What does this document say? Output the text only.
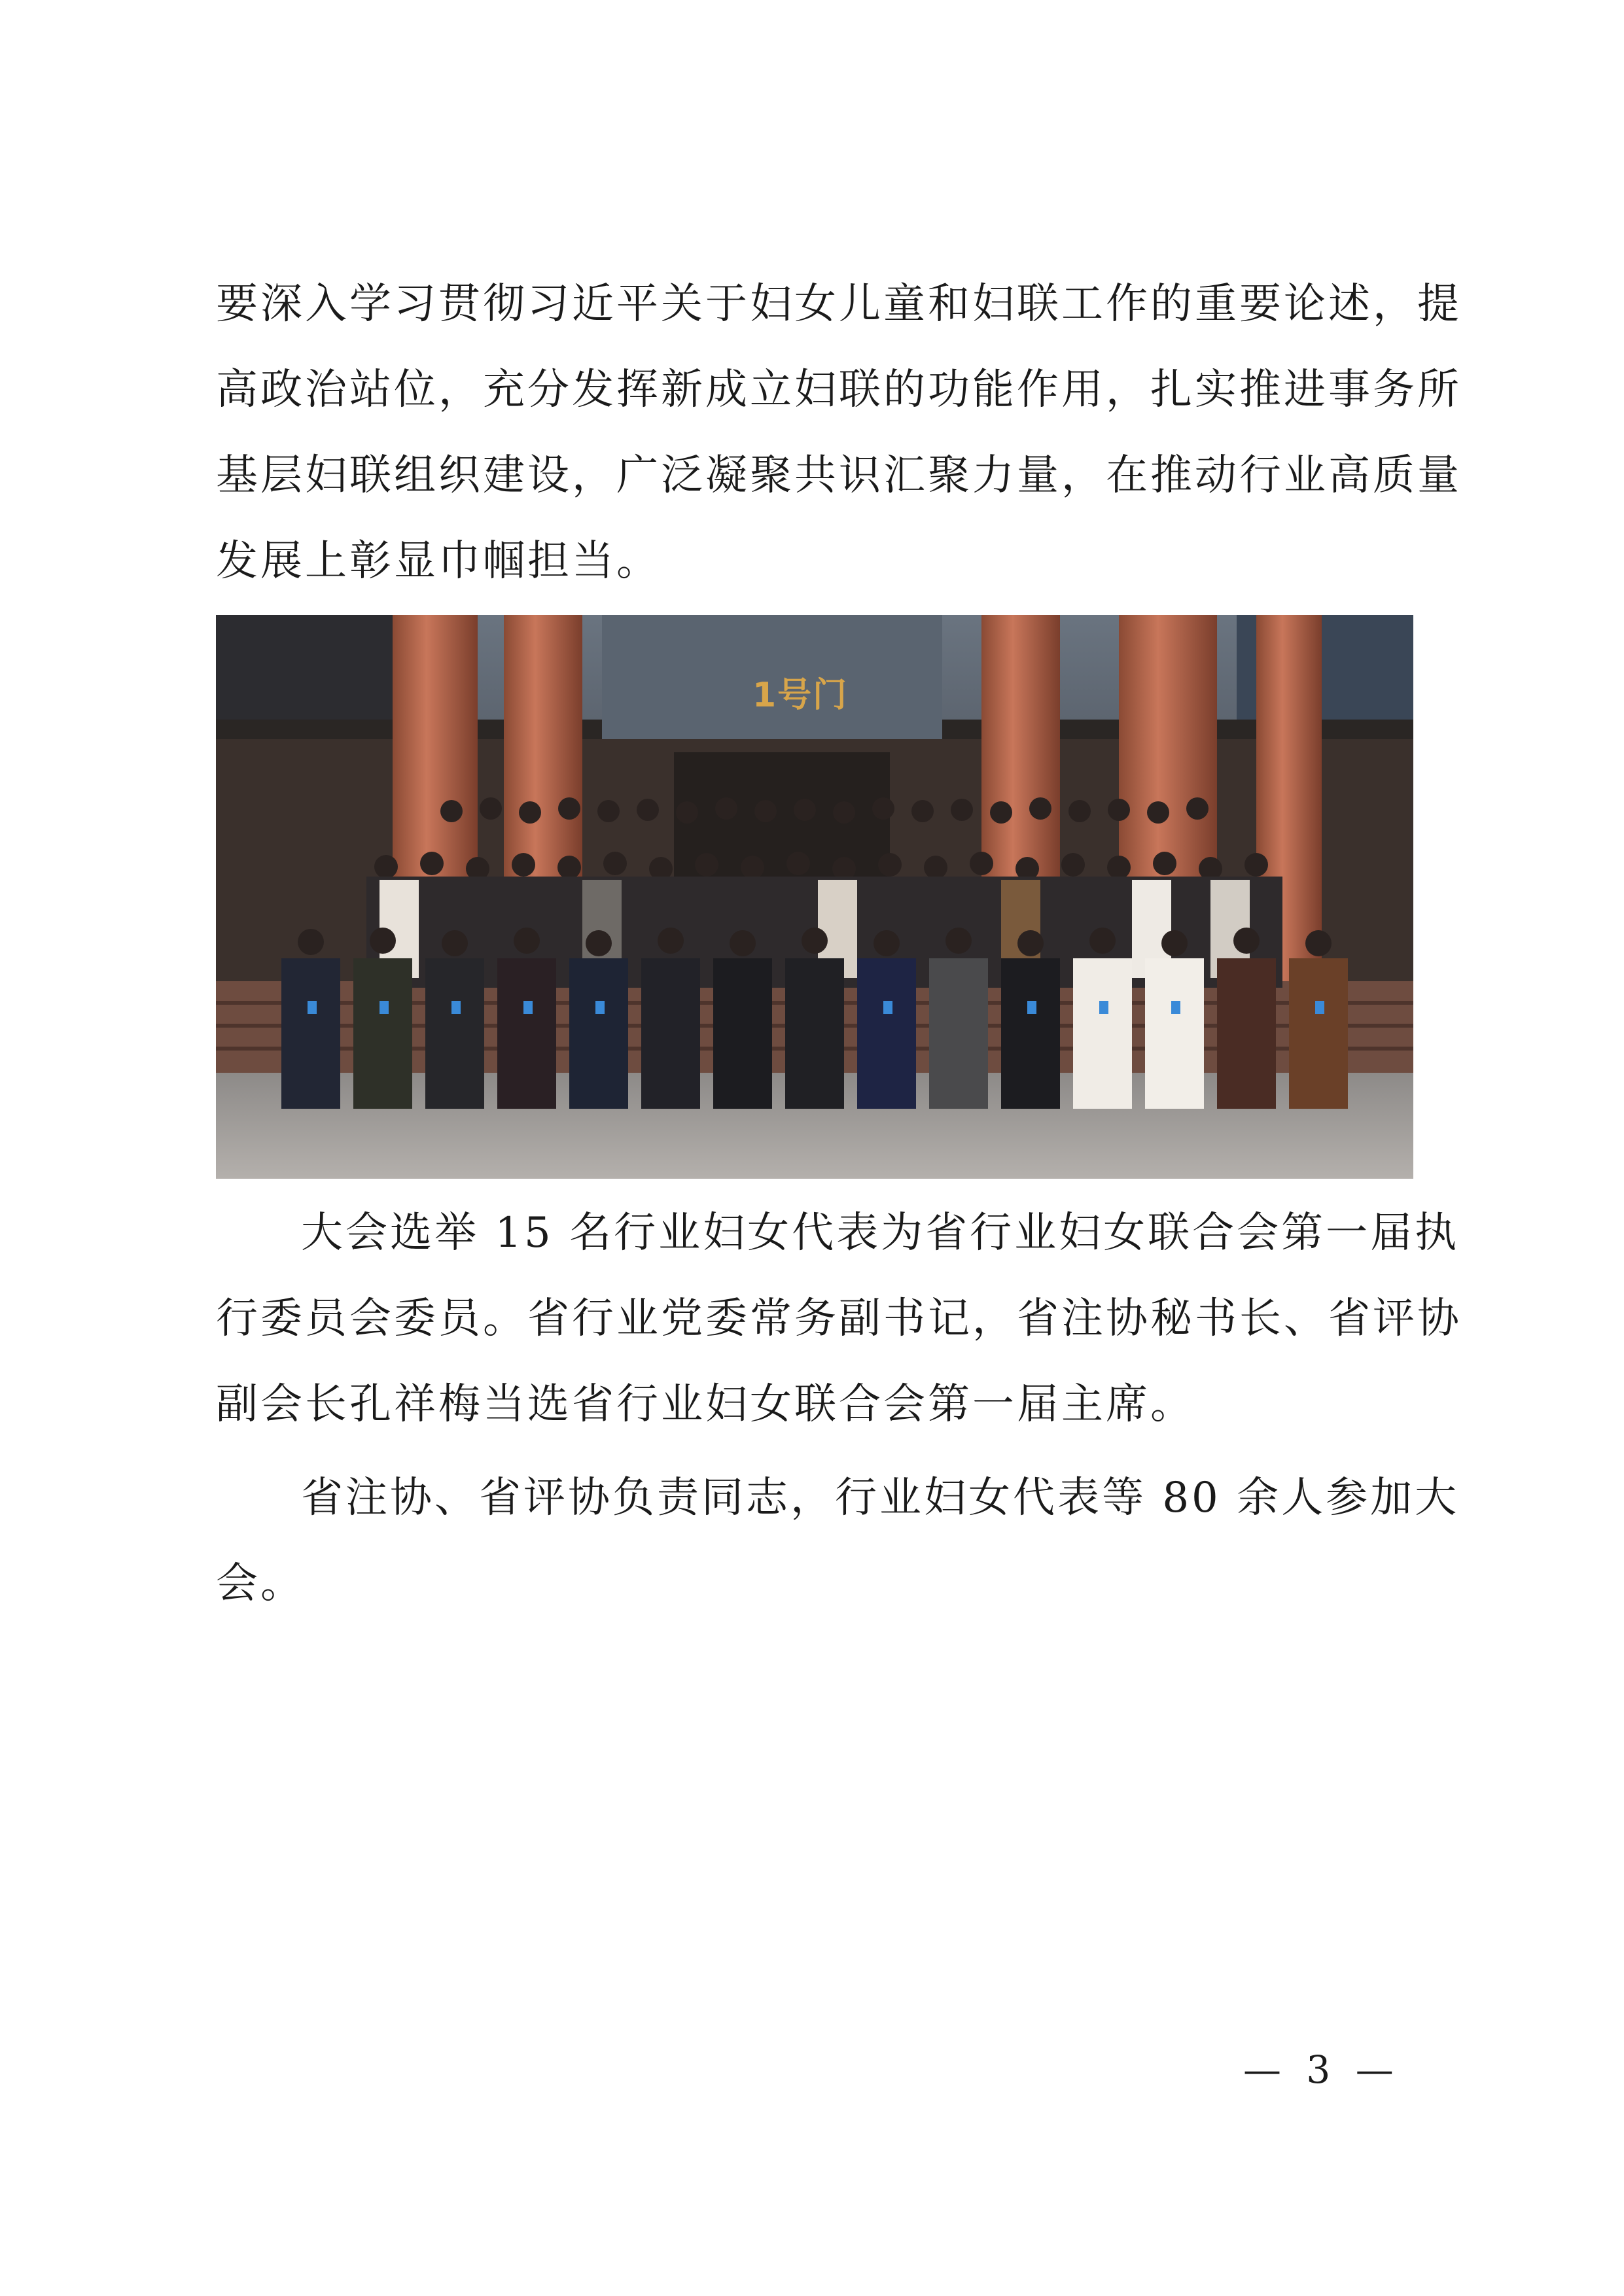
要深入学习贯彻习近平关于妇女儿童和妇联工作的重要论述，提
高政治站位，充分发挥新成立妇联的功能作用，扎实推进事务所
基层妇联组织建设，广泛凝聚共识汇聚力量，在推动行业高质量
发展上彰显巾帼担当。
1号门
大会选举 15 名行业妇女代表为省行业妇女联合会第一届执
行委员会委员。省行业党委常务副书记，省注协秘书长、省评协
副会长孔祥梅当选省行业妇女联合会第一届主席。
省注协、省评协负责同志，行业妇女代表等 80 余人参加大
会。
— 3 —
